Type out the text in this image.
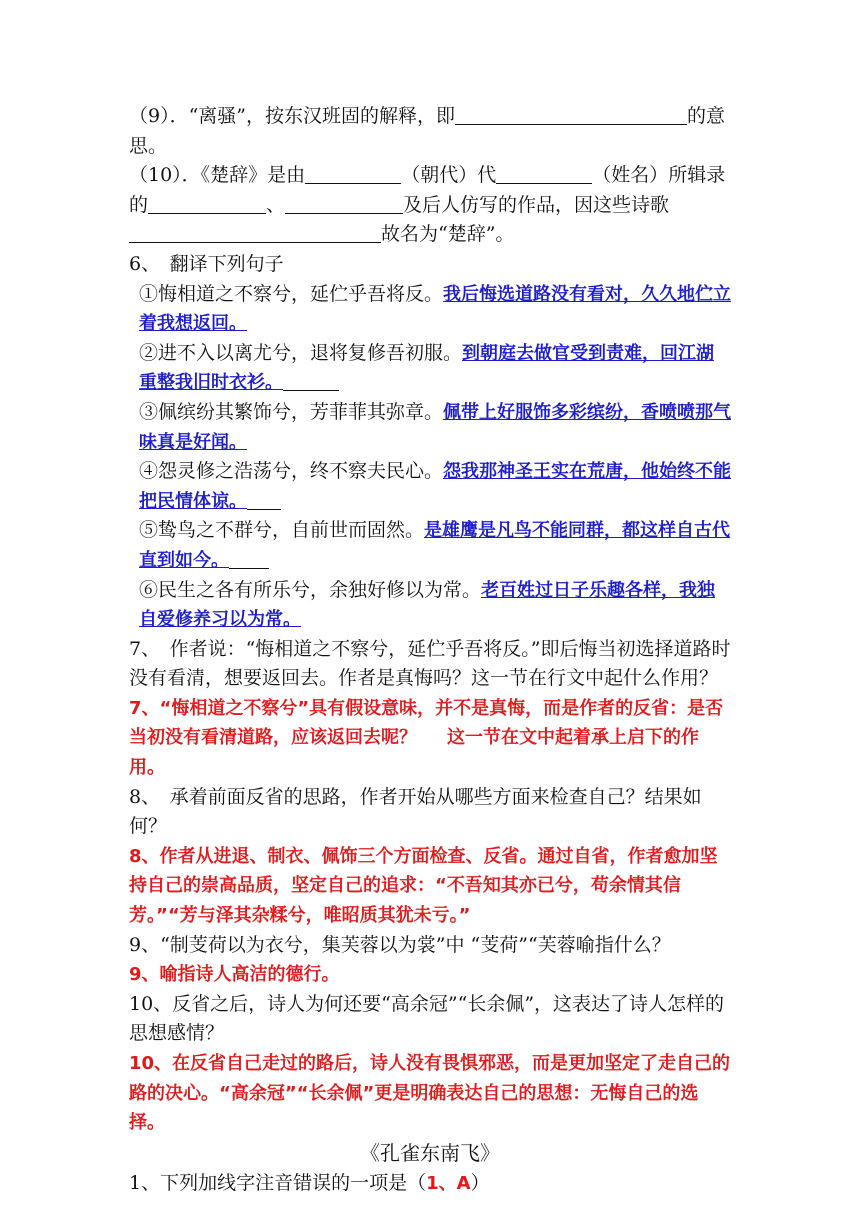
（9）．“离骚”，按东汉班固的解释，即	的意思。

（10）．《楚辞》是由	（朝代）代	（姓名）所辑录的	、	及后人仿写的作品，因这些诗歌故名为“楚辞”。

6、　翻译下列句子

①悔相道之不察兮，延伫乎吾将反。我后悔选道路没有看对，久久地伫立着我想返回。

②进不入以离尤兮，退将复修吾初服。到朝庭去做官受到责难，回江湖重整我旧时衣衫。

③佩缤纷其繁饰兮，芳菲菲其弥章。佩带上好服饰多彩缤纷，香喷喷那气味真是好闻。

④怨灵修之浩荡兮，终不察夫民心。怨我那神圣王实在荒唐，他始终不能把民情体谅。

⑤鸷鸟之不群兮，自前世而固然。是雄鹰是凡鸟不能同群，都这样自古代直到如今。

⑥民生之各有所乐兮，余独好修以为常。老百姓过日子乐趣各样，我独自爱修养习以为常。

7、　作者说：“悔相道之不察兮，延伫乎吾将反。”即后悔当初选择道路时没有看清，想要返回去。作者是真悔吗？这一节在行文中起什么作用？

7、“悔相道之不察兮”具有假设意味，并不是真悔，而是作者的反省：是否当初没有看清道路，应该返回去呢？ 这一节在文中起着承上启下的作用。

8、　承着前面反省的思路，作者开始从哪些方面来检查自己？结果如何？

8、作者从进退、制衣、佩饰三个方面检查、反省。通过自省，作者愈加坚持自己的崇高品质，坚定自己的追求：“不吾知其亦已兮，苟余情其信芳。”“芳与泽其杂糅兮，唯昭质其犹未亏。”

9、“制芰荷以为衣兮，集芙蓉以为裳”中 “芰荷”“芙蓉喻指什么？

9、喻指诗人高洁的德行。

10、反省之后，诗人为何还要“高余冠”“长余佩”，这表达了诗人怎样的思想感情？

10、在反省自己走过的路后，诗人没有畏惧邪恶，而是更加坚定了走自己的路的决心。“高余冠”“长余佩”更是明确表达自己的思想：无悔自己的选择。

《孔雀东南飞》

1、下列加线字注音错误的一项是（1、A）
